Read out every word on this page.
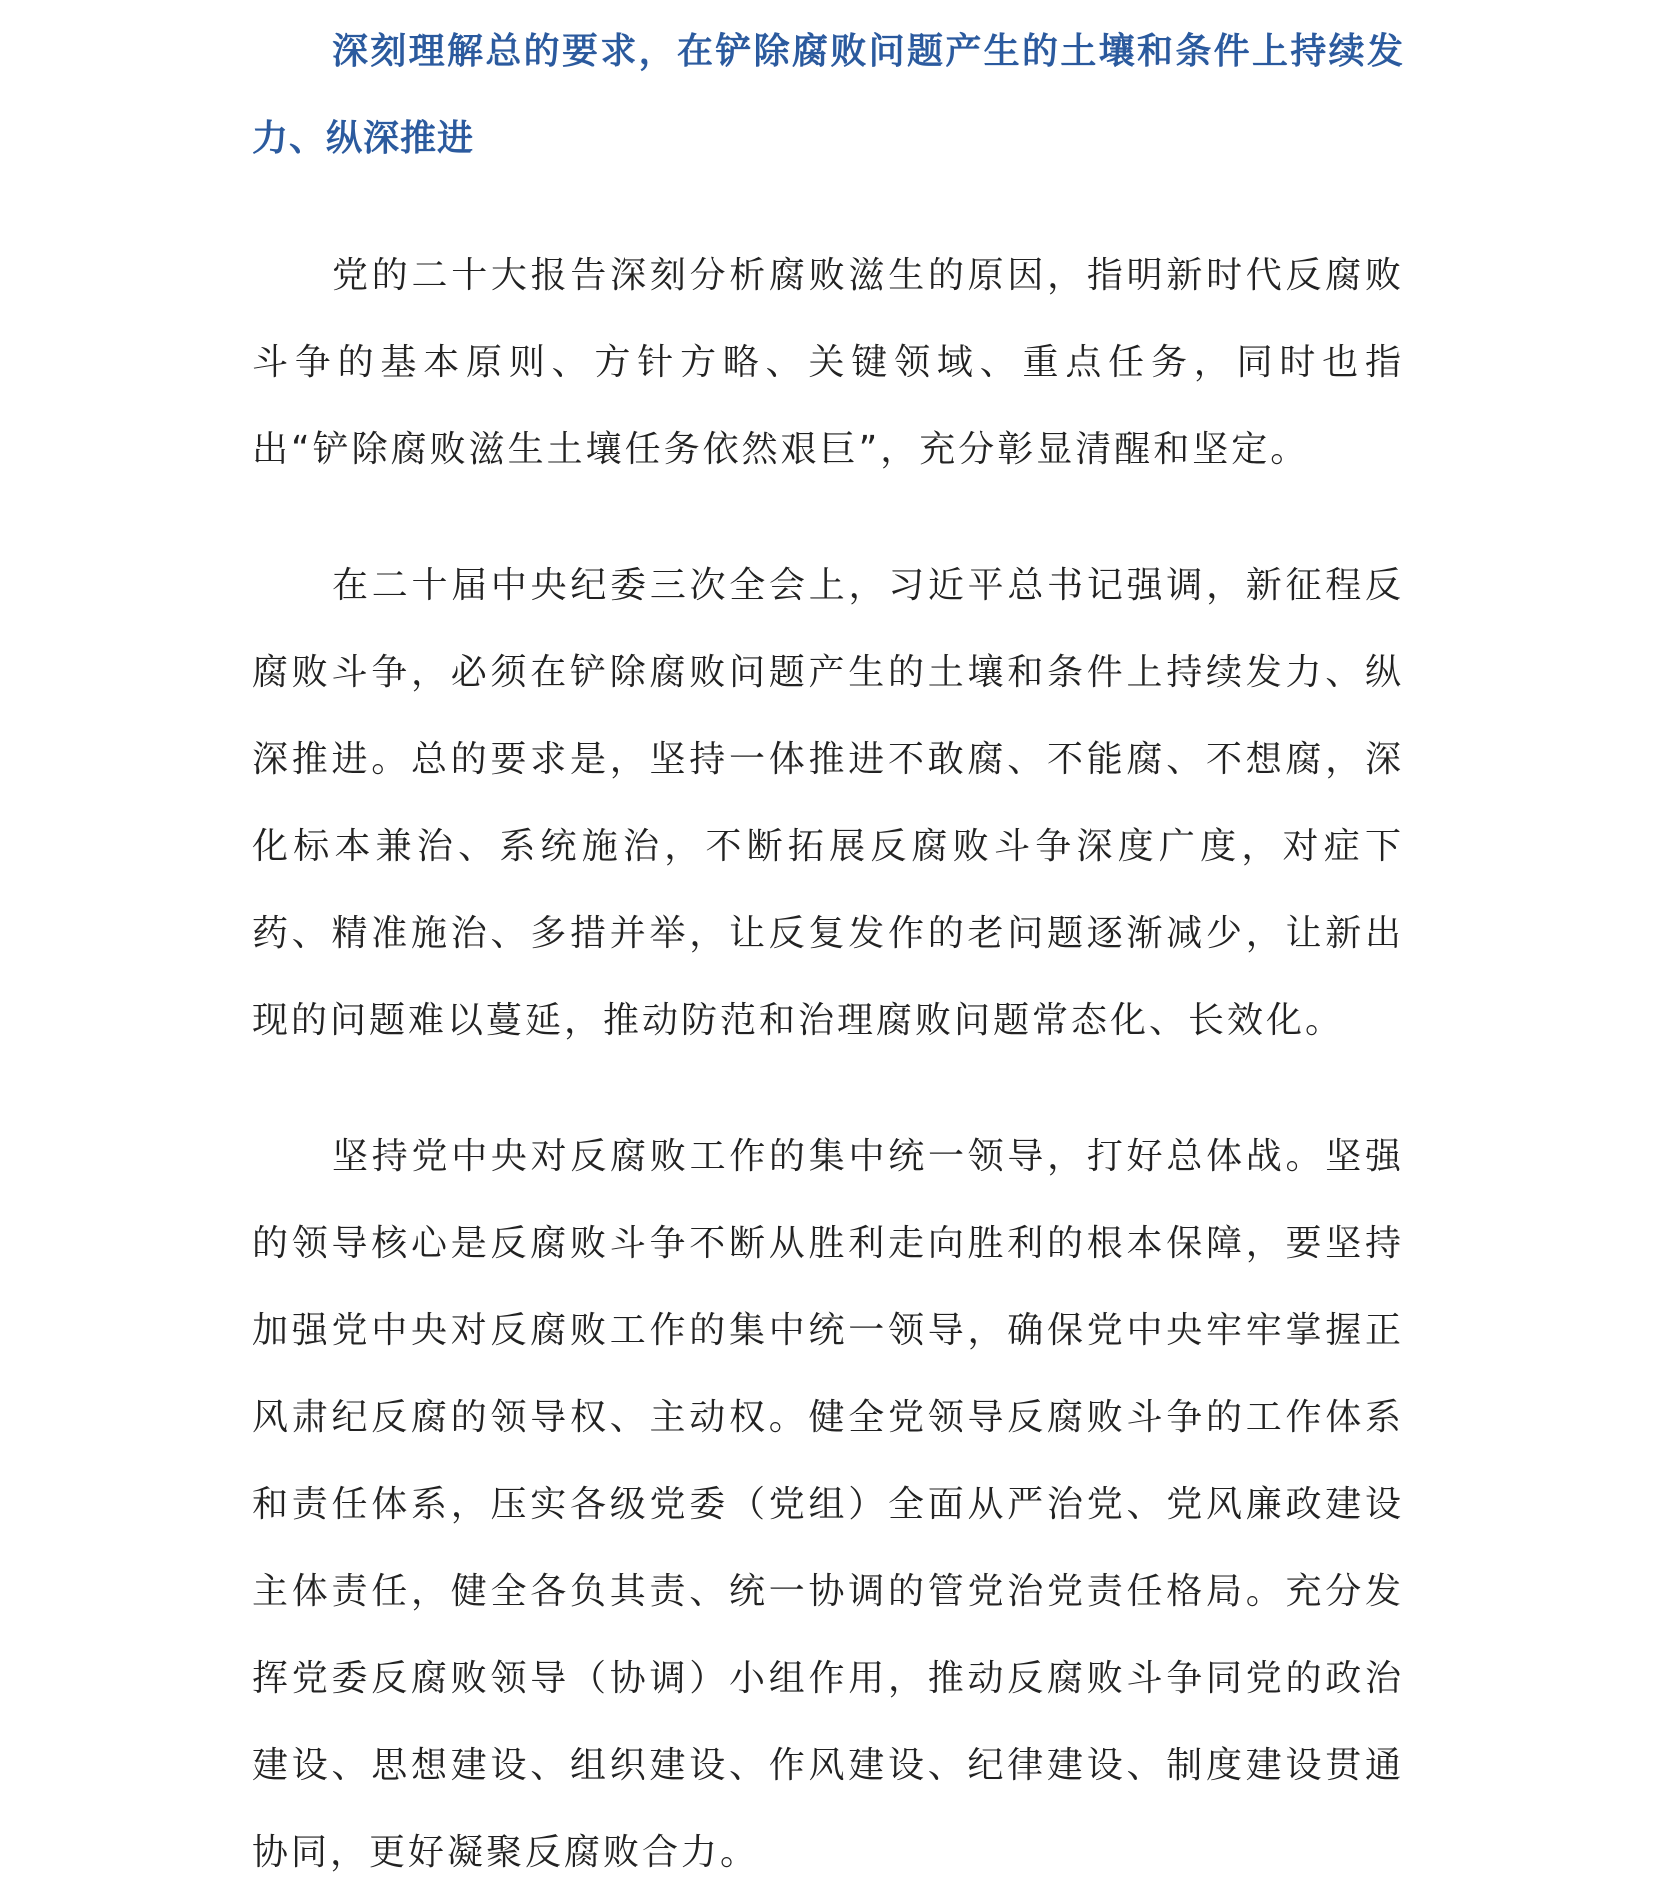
深刻理解总的要求，在铲除腐败问题产生的土壤和条件上持续发力、纵深推进

党的二十大报告深刻分析腐败滋生的原因，指明新时代反腐败斗争的基本原则、方针方略、关键领域、重点任务，同时也指出“铲除腐败滋生土壤任务依然艰巨”，充分彰显清醒和坚定。

在二十届中央纪委三次全会上，习近平总书记强调，新征程反腐败斗争，必须在铲除腐败问题产生的土壤和条件上持续发力、纵深推进。总的要求是，坚持一体推进不敢腐、不能腐、不想腐，深化标本兼治、系统施治，不断拓展反腐败斗争深度广度，对症下药、精准施治、多措并举，让反复发作的老问题逐渐减少，让新出现的问题难以蔓延，推动防范和治理腐败问题常态化、长效化。

坚持党中央对反腐败工作的集中统一领导，打好总体战。坚强的领导核心是反腐败斗争不断从胜利走向胜利的根本保障，要坚持加强党中央对反腐败工作的集中统一领导，确保党中央牢牢掌握正风肃纪反腐的领导权、主动权。健全党领导反腐败斗争的工作体系和责任体系，压实各级党委（党组）全面从严治党、党风廉政建设主体责任，健全各负其责、统一协调的管党治党责任格局。充分发挥党委反腐败领导（协调）小组作用，推动反腐败斗争同党的政治建设、思想建设、组织建设、作风建设、纪律建设、制度建设贯通协同，更好凝聚反腐败合力。
